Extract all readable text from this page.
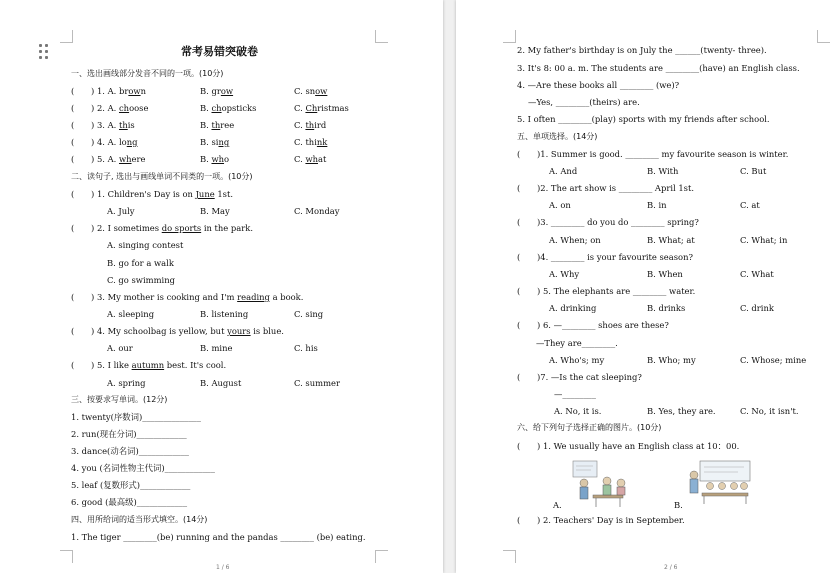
常考易错突破卷
一、选出画线部分发音不同的一项。(10分)
(　　) 1. A. brown	B. grow	C. snow
(　　) 2. A. choose	B. chopsticks	C. Christmas
(　　) 3. A. this	B. three	C. third
(　　) 4. A. long	B. sing	C. think
(　　) 5. A. where	B. who	C. what
二、读句子, 选出与画线单词不同类的一项。(10分)
(　　) 1. Children's Day is on June 1st.
A. July	B. May	C. Monday
(　　) 2. I sometimes do sports in the park.
A. singing contest
B. go for a walk
C. go swimming
(　　) 3. My mother is cooking and I'm reading a book.
A. sleeping	B. listening	C. sing
(　　) 4. My schoolbag is yellow, but yours is blue.
A. our	B. mine	C. his
(　　) 5. I like autumn best. It's cool.
A. spring	B. August	C. summer
三、按要求写单词。(12分)
1. twenty(序数词)______________
2. run(现在分词)____________
3. dance(动名词)____________
4. you (名词性物主代词)____________
5. leaf (复数形式)____________
6. good (最高级)____________
四、用所给词的适当形式填空。(14分)
1. The tiger ________(be) running and the pandas ________ (be) eating.
1 / 6
2. My father's birthday is on July the ______(twenty- three).
3. It's 8: 00 a. m. The students are ________(have) an English class.
4. —Are these books all ________ (we)?
—Yes, ________(theirs) are.
5. I often ________(play) sports with my friends after school.
五、单项选择。(14分)
(　　)1. Summer is good. ________ my favourite season is winter.
A. And	B. With	C. But
(　　)2. The art show is ________ April 1st.
A. on	B. in	C. at
(　　)3. ________ do you do ________ spring?
A. When; on	B. What; at	C. What; in
(　　)4. ________ is your favourite season?
A. Why	B. When	C. What
(　　) 5. The elephants are ________ water.
A. drinking	B. drinks	C. drink
(　　) 6. —________ shoes are these?
—They are________.
A. Who's; my	B. Who; my	C. Whose; mine
(　　)7. —Is the cat sleeping?
—________
A. No, it is.	B. Yes, they are.	C. No, it isn't.
六、给下列句子选择正确的图片。(10分)
(　　) 1. We usually have an English class at 10：00.
A.	B.
(　　) 2. Teachers' Day is in September.
2 / 6
